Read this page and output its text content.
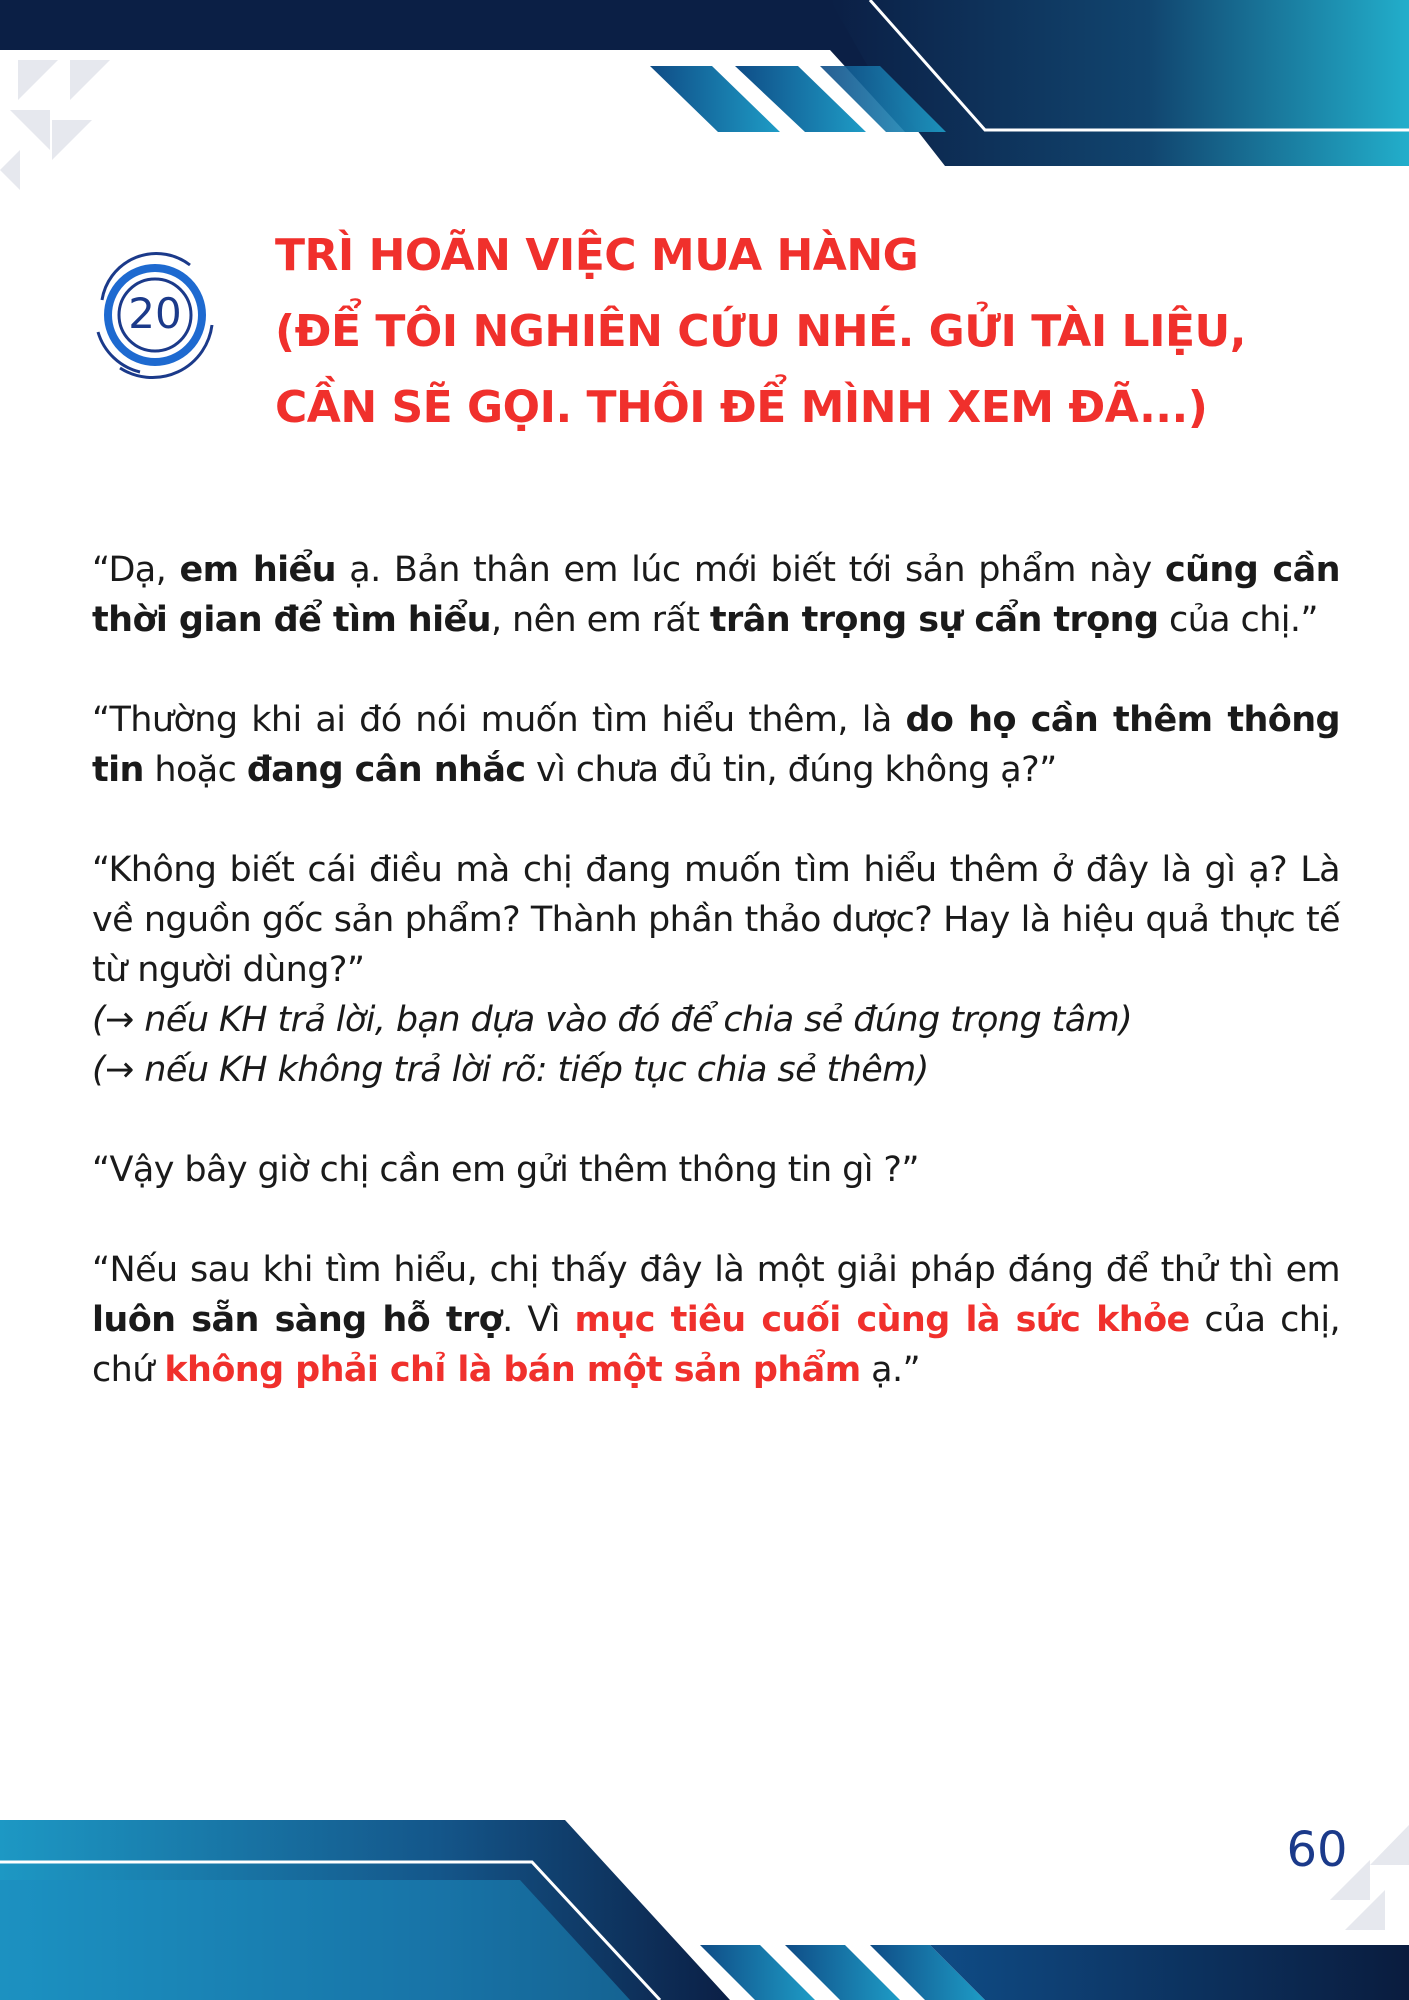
20
TRÌ HOÃN VIỆC MUA HÀNG
(ĐỂ TÔI NGHIÊN CỨU NHÉ. GỬI TÀI LIỆU,
CẦN SẼ GỌI. THÔI ĐỂ MÌNH XEM ĐÃ...)

“Dạ, em hiểu ạ. Bản thân em lúc mới biết tới sản phẩm này cũng cần thời gian để tìm hiểu, nên em rất trân trọng sự cẩn trọng của chị.”

“Thường khi ai đó nói muốn tìm hiểu thêm, là do họ cần thêm thông tin hoặc đang cân nhắc vì chưa đủ tin, đúng không ạ?”

“Không biết cái điều mà chị đang muốn tìm hiểu thêm ở đây là gì ạ? Là về nguồn gốc sản phẩm? Thành phần thảo dược? Hay là hiệu quả thực tế từ người dùng?”
(→ nếu KH trả lời, bạn dựa vào đó để chia sẻ đúng trọng tâm)
(→ nếu KH không trả lời rõ: tiếp tục chia sẻ thêm)

“Vậy bây giờ chị cần em gửi thêm thông tin gì ?”

“Nếu sau khi tìm hiểu, chị thấy đây là một giải pháp đáng để thử thì em luôn sẵn sàng hỗ trợ. Vì mục tiêu cuối cùng là sức khỏe của chị, chứ không phải chỉ là bán một sản phẩm ạ.”

60
